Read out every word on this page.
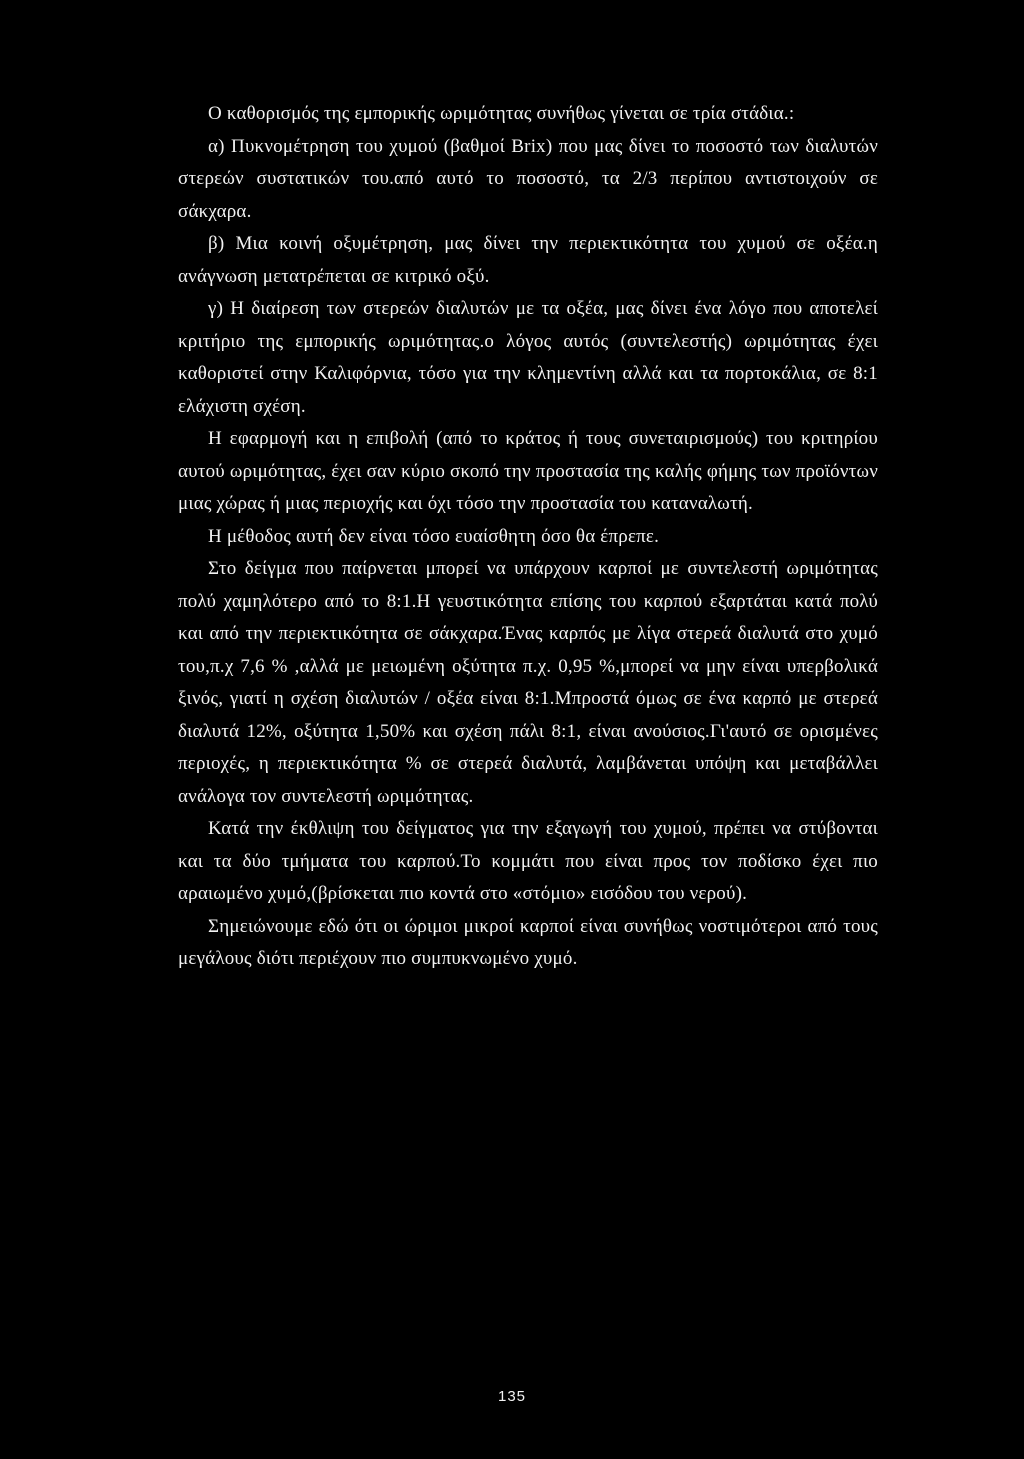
Ο καθορισμός της εμπορικής ωριμότητας συνήθως γίνεται σε τρία στάδια.:

α) Πυκνομέτρηση του χυμού (βαθμοί Brix) που μας δίνει το ποσοστό των διαλυτών στερεών συστατικών του.από αυτό το ποσοστό, τα 2/3 περίπου αντιστοιχούν σε σάκχαρα.

β) Μια κοινή οξυμέτρηση, μας δίνει την περιεκτικότητα του χυμού σε οξέα.η ανάγνωση μετατρέπεται σε κιτρικό οξύ.

γ) Η διαίρεση των στερεών διαλυτών με τα οξέα, μας δίνει ένα λόγο που αποτελεί κριτήριο της εμπορικής ωριμότητας.ο λόγος αυτός (συντελεστής) ωριμότητας έχει καθοριστεί στην Καλιφόρνια, τόσο για την κλημεντίνη αλλά και τα πορτοκάλια, σε 8:1 ελάχιστη σχέση.

Η εφαρμογή και η επιβολή (από το κράτος ή τους συνεταιρισμούς) του κριτηρίου αυτού ωριμότητας, έχει σαν κύριο σκοπό την προστασία της καλής φήμης των προϊόντων μιας χώρας ή μιας περιοχής και όχι τόσο την προστασία του καταναλωτή.

Η μέθοδος αυτή δεν είναι τόσο ευαίσθητη όσο θα έπρεπε.

Στο δείγμα που παίρνεται μπορεί να υπάρχουν καρποί με συντελεστή ωριμότητας πολύ χαμηλότερο από το 8:1.Η γευστικότητα επίσης του καρπού εξαρτάται κατά πολύ και από την περιεκτικότητα σε σάκχαρα.Ένας καρπός με λίγα στερεά διαλυτά στο χυμό του,π.χ 7,6 % ,αλλά με μειωμένη οξύτητα π.χ. 0,95 %,μπορεί να μην είναι υπερβολικά ξινός, γιατί η σχέση διαλυτών / οξέα είναι 8:1.Μπροστά όμως σε ένα καρπό με στερεά διαλυτά 12%, οξύτητα 1,50% και σχέση πάλι 8:1, είναι ανούσιος.Γι'αυτό σε ορισμένες περιοχές, η περιεκτικότητα % σε στερεά διαλυτά, λαμβάνεται υπόψη και μεταβάλλει ανάλογα τον συντελεστή ωριμότητας.

Κατά την έκθλιψη του δείγματος για την εξαγωγή του χυμού, πρέπει να στύβονται και τα δύο τμήματα του καρπού.Το κομμάτι που είναι προς τον ποδίσκο έχει πιο αραιωμένο χυμό,(βρίσκεται πιο κοντά στο «στόμιο» εισόδου του νερού).

Σημειώνουμε εδώ ότι οι ώριμοι μικροί καρποί είναι συνήθως νοστιμότεροι από τους μεγάλους διότι περιέχουν πιο συμπυκνωμένο χυμό.

135
